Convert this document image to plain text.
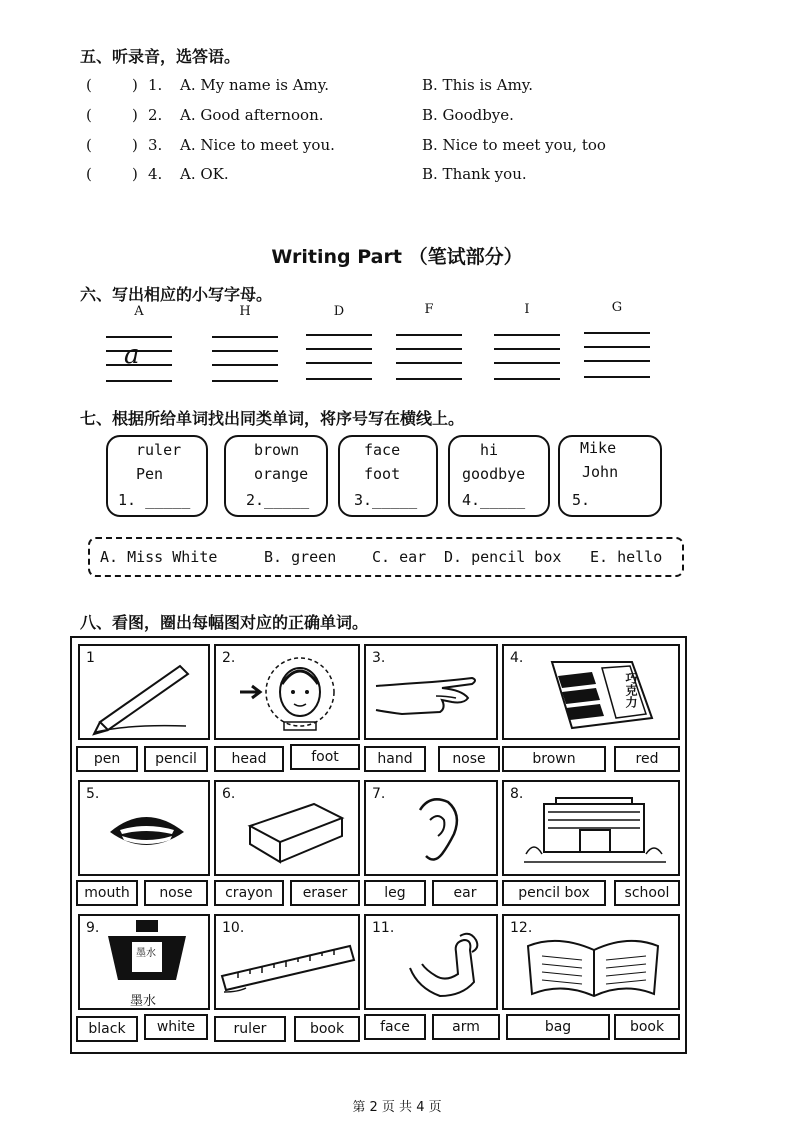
五、听录音，选答语。
(	) 1. A. My name is Amy.	B. This is Amy.
(	) 2. A. Good afternoon.	B. Goodbye.
(	) 3. A. Nice to meet you.	B. Nice to meet you, too
(	) 4. A. OK.	B. Thank you.
Writing Part （笔试部分）
六、写出相应的小写字母。
A
a
H	D	F	I	G
七、根据所给单词找出同类单词，将序号写在横线上。
ruler
Pen
1. _____
brown
orange
2._____
face
foot
3._____
hi
goodbye
4._____
Mike
John
5.
A. Miss White	B. green C. ear D. pencil box E. hello
八、看图，圈出每幅图对应的正确单词。
1	2.	3.	4.
巧克力
pen	pencil	head	foot	hand	nose	brown	red
5.	6.	7.	8.
mouth	nose	crayon	eraser	leg	ear	pencil box	school
9.
墨水
墨水
10.	11.	12.
black	white	ruler	book	face	arm	bag	book
第 2 页 共 4 页
